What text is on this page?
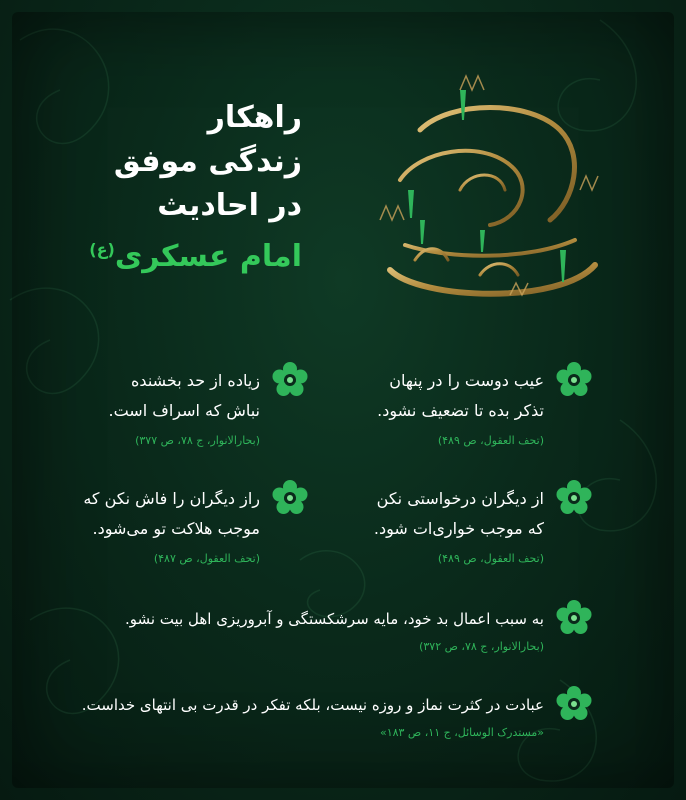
راهکار
زندگی موفق
در احادیث
امام عسکری$^{(ع)}$
عیب دوست را در پنهان
تذکر بده تا تضعیف نشود.
(تحف العقول، ص ۴۸۹)
زیاده از حد بخشنده
نباش که اسراف است.
(بحارالانوار، ج ۷۸، ص ۳۷۷)
از دیگران درخواستی نکن
که موجب خواری‌ات شود.
(تحف العقول، ص ۴۸۹)
راز دیگران را فاش نکن که
موجب هلاکت تو می‌شود.
(تحف العقول، ص ۴۸۷)
به سبب اعمال بد خود، مایه سرشکستگی و آبروریزی اهل بیت نشو.
(بحارالانوار، ج ۷۸، ص ۳۷۲)
عبادت در کثرت نماز و روزه نیست، بلکه تفکر در قدرت بی انتهای خداست.
«مستدرک الوسائل، ج ۱۱، ص ۱۸۳»
